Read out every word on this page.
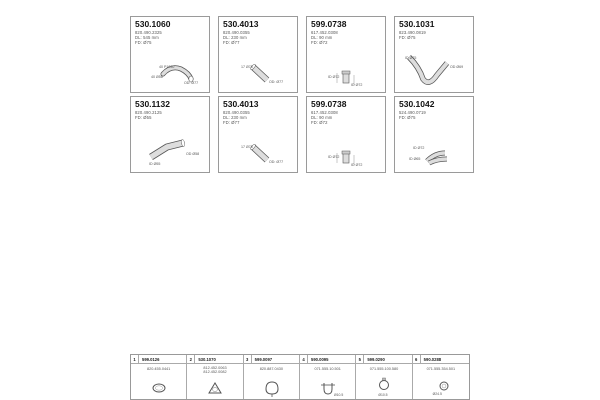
530.1060
820.490.2325
DL: 545 mm
FD: Ø75
40 P1030
40 Ø56
OD: Ø77
530.4013
820.490.0355
DL: 230 mm
FD: Ø77
17 Ø75
OD: Ø77
599.0738
617.452.0308
DL: 90 mm
FD: Ø72
ID Ø72
ID Ø72
530.1031
823.490.0819
FD: Ø75
ID Ø75
OD Ø69
530.1132
820.490.2125
FD: Ø55
ID Ø55
OD Ø58
530.4013
820.490.0355
DL: 230 mm
FD: Ø77
17 Ø75
OD: Ø77
599.0738
617.452.0308
DL: 90 mm
FD: Ø72
ID Ø72
ID Ø72
530.1042
524.490.0719
FD: Ø75
ID Ø72
ID Ø65
1	599.0126
820.455.0441
2	530.1070
812.452.0063
812.452.0082
3	599.0097
820.887.0430
4	590.0095
071.555.10.501
Ø10.5
5	599.0290
071.555.100.580
Ø10.5
6	590.0288
071.555.354.501
Ø24.5
